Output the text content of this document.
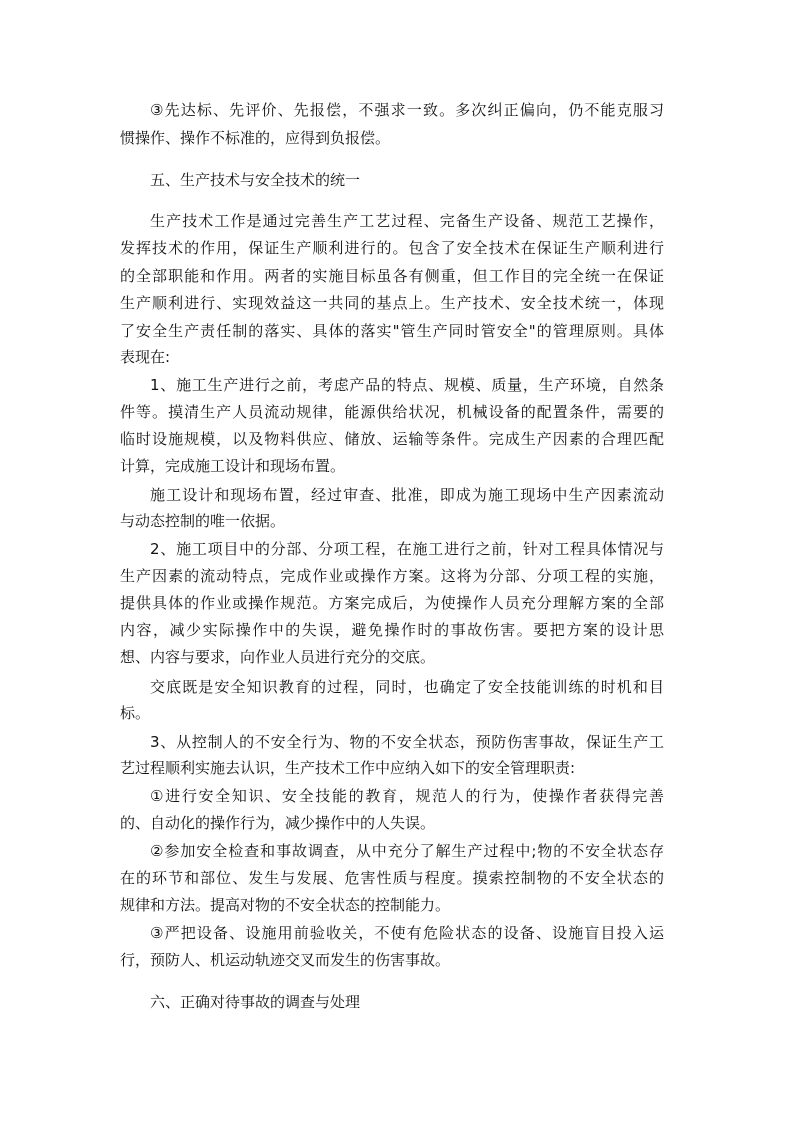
③先达标、先评价、先报偿，不强求一致。多次纠正偏向，仍不能克服习
惯操作、操作不标准的，应得到负报偿。
五、生产技术与安全技术的统一
生产技术工作是通过完善生产工艺过程、完备生产设备、规范工艺操作，
发挥技术的作用，保证生产顺利进行的。包含了安全技术在保证生产顺利进行
的全部职能和作用。两者的实施目标虽各有侧重，但工作目的完全统一在保证
生产顺利进行、实现效益这一共同的基点上。生产技术、安全技术统一，体现
了安全生产责任制的落实、具体的落实"管生产同时管安全"的管理原则。具体
表现在:
1、施工生产进行之前，考虑产品的特点、规模、质量，生产环境，自然条
件等。摸清生产人员流动规律，能源供给状况，机械设备的配置条件，需要的
临时设施规模，以及物料供应、储放、运输等条件。完成生产因素的合理匹配
计算，完成施工设计和现场布置。
施工设计和现场布置，经过审查、批准，即成为施工现场中生产因素流动
与动态控制的唯一依据。
2、施工项目中的分部、分项工程，在施工进行之前，针对工程具体情况与
生产因素的流动特点，完成作业或操作方案。这将为分部、分项工程的实施，
提供具体的作业或操作规范。方案完成后，为使操作人员充分理解方案的全部
内容，减少实际操作中的失误，避免操作时的事故伤害。要把方案的设计思
想、内容与要求，向作业人员进行充分的交底。
交底既是安全知识教育的过程，同时，也确定了安全技能训练的时机和目
标。
3、从控制人的不安全行为、物的不安全状态，预防伤害事故，保证生产工
艺过程顺利实施去认识，生产技术工作中应纳入如下的安全管理职责:
①进行安全知识、安全技能的教育，规范人的行为，使操作者获得完善
的、自动化的操作行为，减少操作中的人失误。
②参加安全检查和事故调查，从中充分了解生产过程中;物的不安全状态存
在的环节和部位、发生与发展、危害性质与程度。摸索控制物的不安全状态的
规律和方法。提高对物的不安全状态的控制能力。
③严把设备、设施用前验收关，不使有危险状态的设备、设施盲目投入运
行，预防人、机运动轨迹交叉而发生的伤害事故。
六、正确对待事故的调查与处理
